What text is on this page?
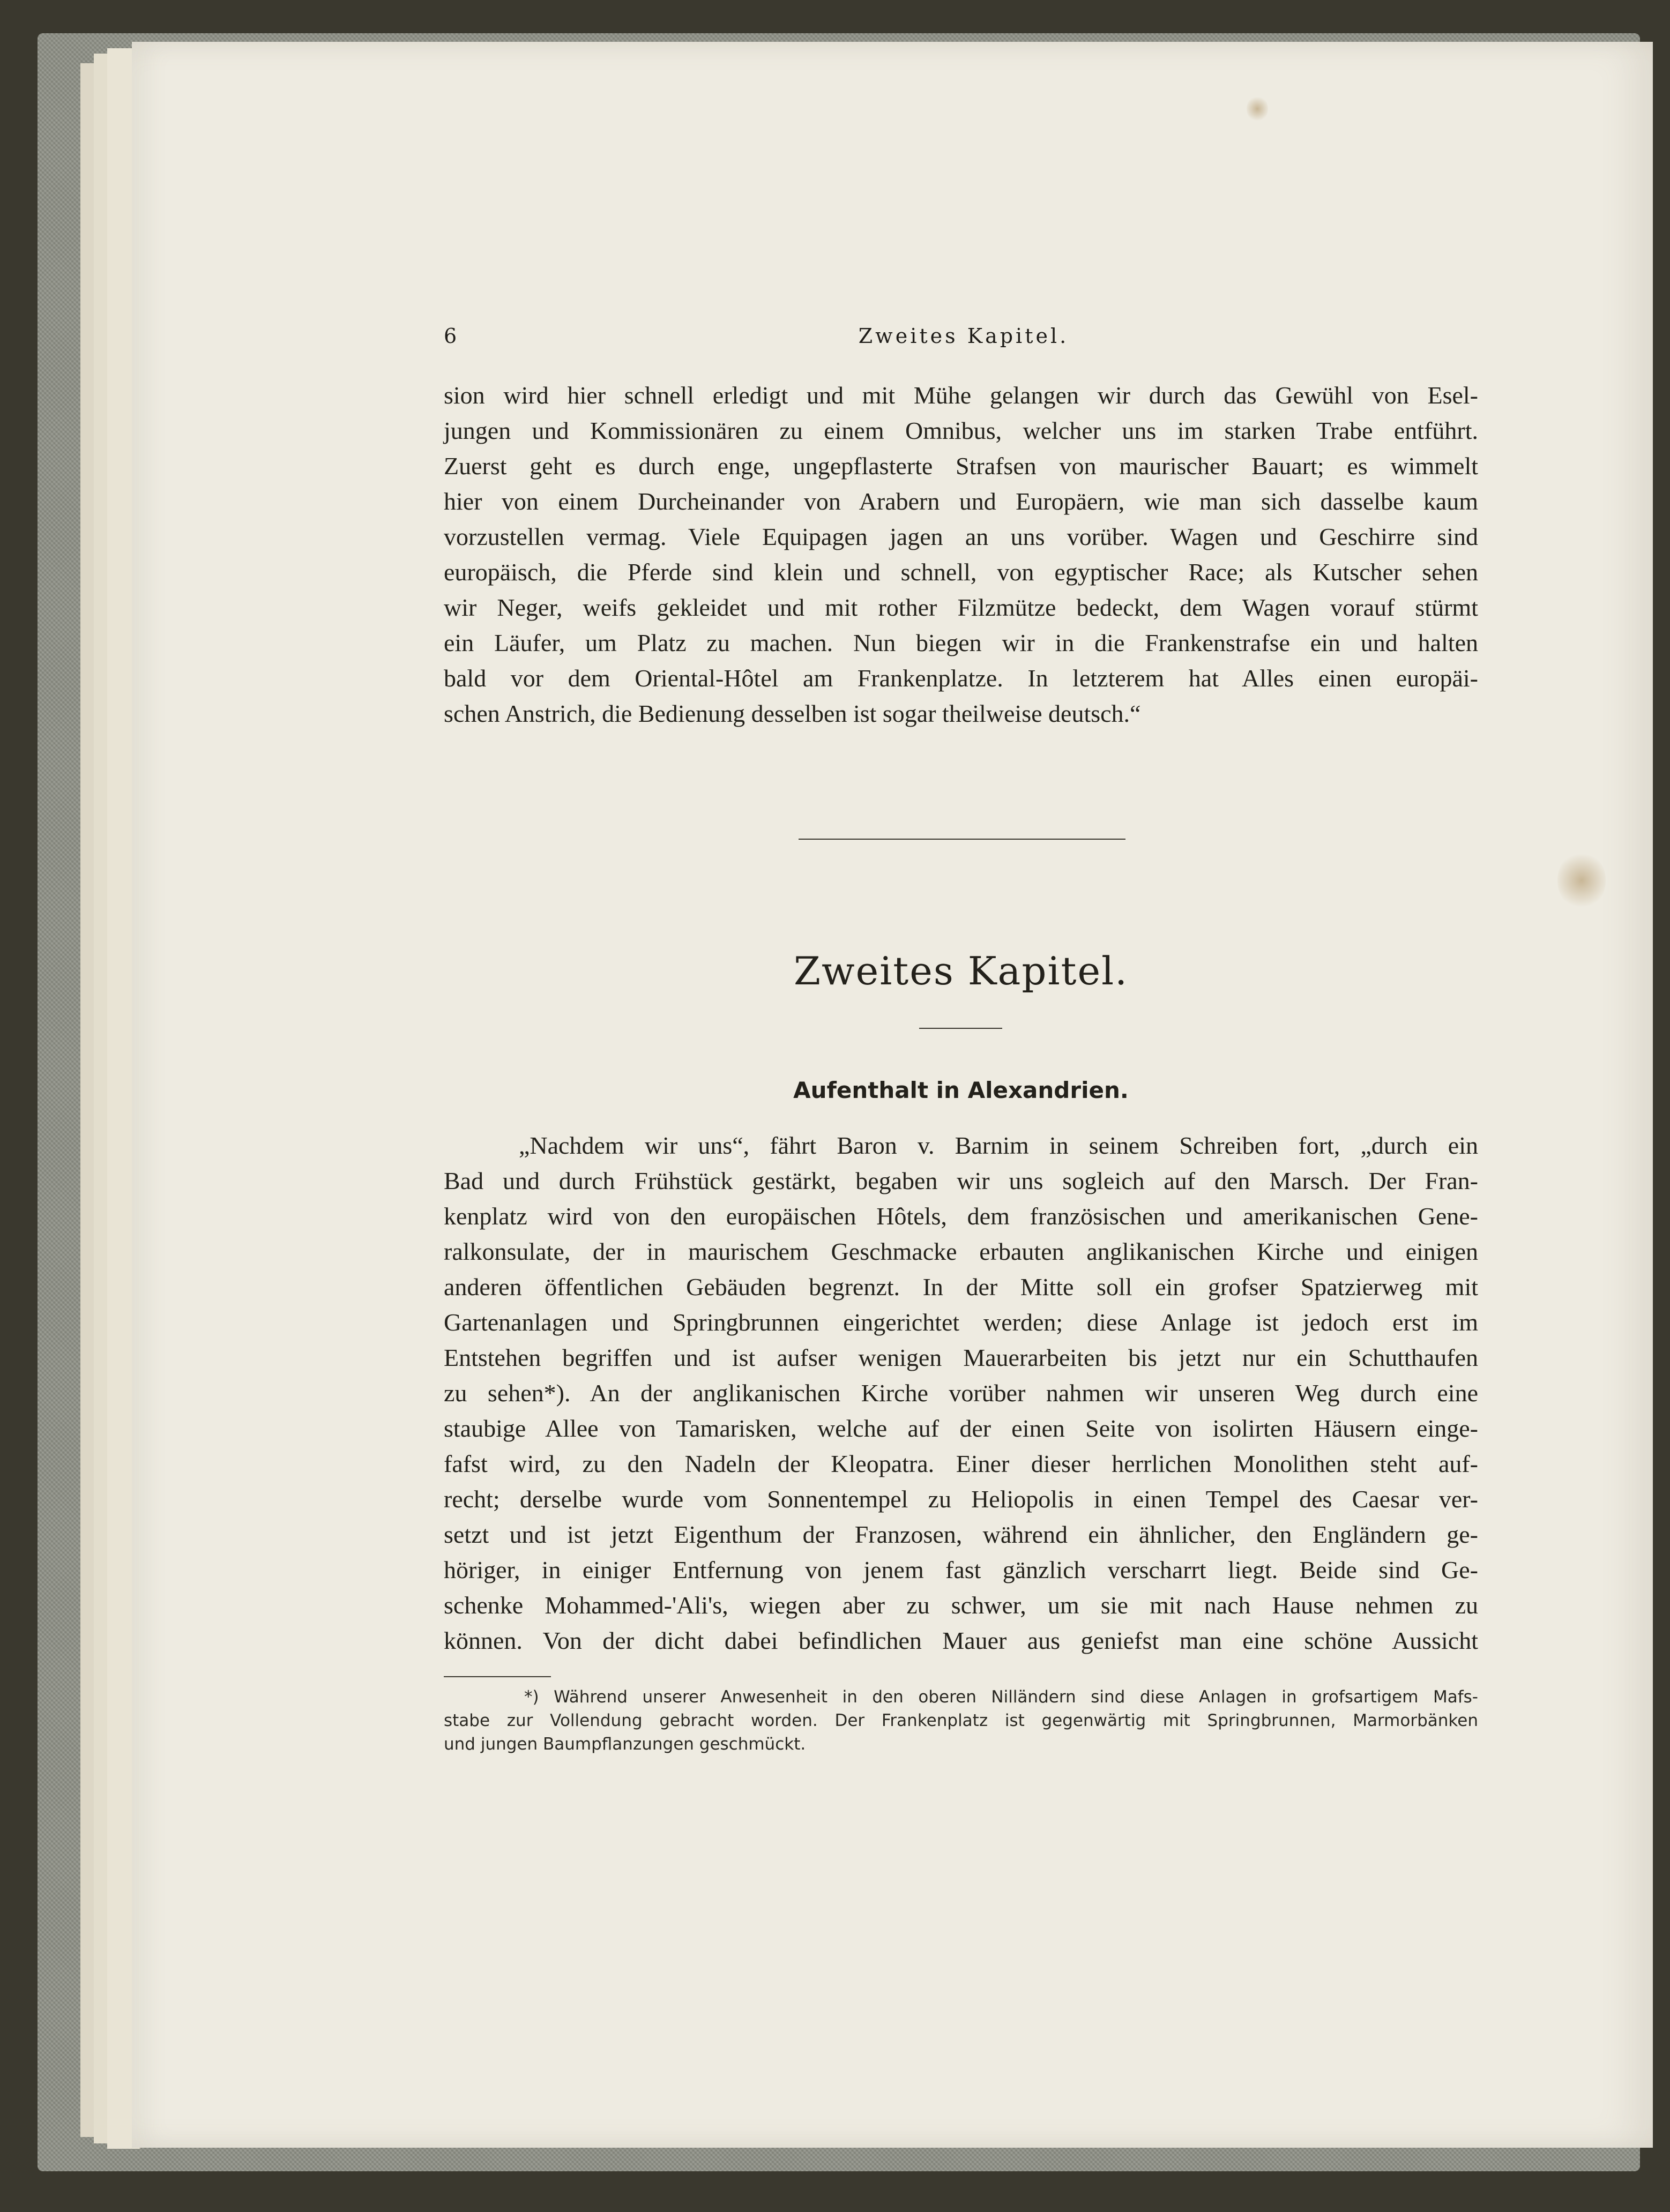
6	Zweites Kapitel.
sion wird hier schnell erledigt und mit Mühe gelangen wir durch das Gewühl von Esel-
jungen und Kommissionären zu einem Omnibus, welcher uns im starken Trabe entführt.
Zuerst geht es durch enge, ungepflasterte Strafsen von maurischer Bauart; es wimmelt
hier von einem Durcheinander von Arabern und Europäern, wie man sich dasselbe kaum
vorzustellen vermag. Viele Equipagen jagen an uns vorüber. Wagen und Geschirre sind
europäisch, die Pferde sind klein und schnell, von egyptischer Race; als Kutscher sehen
wir Neger, weifs gekleidet und mit rother Filzmütze bedeckt, dem Wagen vorauf stürmt
ein Läufer, um Platz zu machen. Nun biegen wir in die Frankenstrafse ein und halten
bald vor dem Oriental-Hôtel am Frankenplatze. In letzterem hat Alles einen europäi-
schen Anstrich, die Bedienung desselben ist sogar theilweise deutsch.“
Zweites Kapitel.
Aufenthalt in Alexandrien.
„Nachdem wir uns“, fährt Baron v. Barnim in seinem Schreiben fort, „durch ein
Bad und durch Frühstück gestärkt, begaben wir uns sogleich auf den Marsch. Der Fran-
kenplatz wird von den europäischen Hôtels, dem französischen und amerikanischen Gene-
ralkonsulate, der in maurischem Geschmacke erbauten anglikanischen Kirche und einigen
anderen öffentlichen Gebäuden begrenzt. In der Mitte soll ein grofser Spatzierweg mit
Gartenanlagen und Springbrunnen eingerichtet werden; diese Anlage ist jedoch erst im
Entstehen begriffen und ist aufser wenigen Mauerarbeiten bis jetzt nur ein Schutthaufen
zu sehen*). An der anglikanischen Kirche vorüber nahmen wir unseren Weg durch eine
staubige Allee von Tamarisken, welche auf der einen Seite von isolirten Häusern einge-
fafst wird, zu den Nadeln der Kleopatra. Einer dieser herrlichen Monolithen steht auf-
recht; derselbe wurde vom Sonnentempel zu Heliopolis in einen Tempel des Caesar ver-
setzt und ist jetzt Eigenthum der Franzosen, während ein ähnlicher, den Engländern ge-
höriger, in einiger Entfernung von jenem fast gänzlich verscharrt liegt. Beide sind Ge-
schenke Mohammed-'Ali's, wiegen aber zu schwer, um sie mit nach Hause nehmen zu
können. Von der dicht dabei befindlichen Mauer aus geniefst man eine schöne Aussicht
*) Während unserer Anwesenheit in den oberen Nilländern sind diese Anlagen in grofsartigem Mafs-
stabe zur Vollendung gebracht worden. Der Frankenplatz ist gegenwärtig mit Springbrunnen, Marmorbänken
und jungen Baumpflanzungen geschmückt.
